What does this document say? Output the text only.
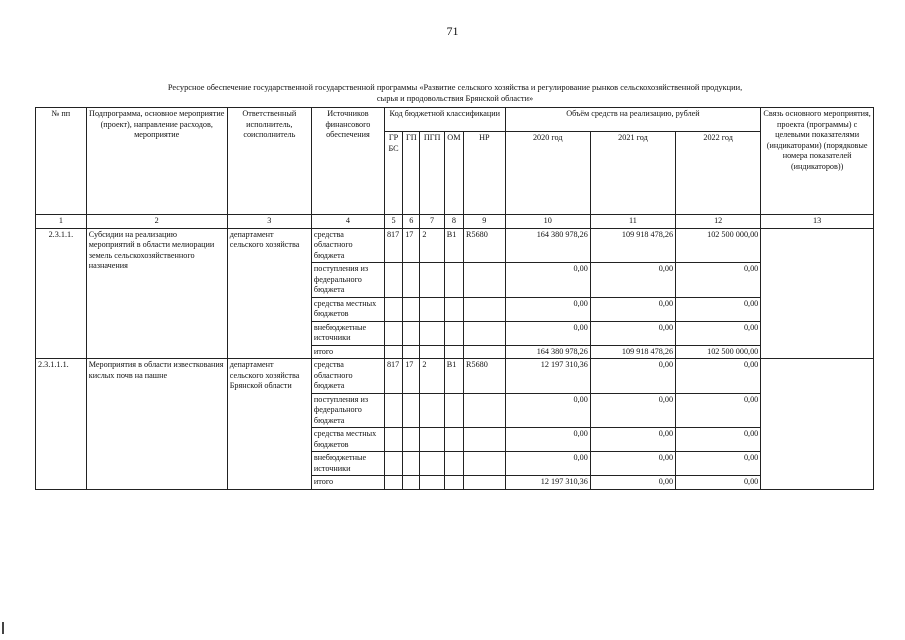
71
Ресурсное обеспечение государственной государственной программы «Развитие сельского хозяйства и регулирование рынков сельскохозяйственной продукции,
сырья и продовольствия Брянской области»
№ пп	Подпрограмма, основное мероприятие (проект), направление расходов, мероприятие	Ответственный исполнитель, соисполнитель	Источников финансового обеспечения	Код бюджетной классификации					Объём средств на реализацию, рублей			Связь основного мероприятия, проекта (программы) с целевыми показателями (индикаторами) (порядковые номера показателей (индикаторов))
				ГРБС	ГП	ПГП	ОМ	НР	2020 год	2021 год	2022 год	
1	2	3	4	5	6	7	8	9	10	11	12	13
2.3.1.1.	Субсидии на реализацию мероприятий в области мелиорации земель сельскохозяйственного назначения	департамент сельского хозяйства	средства областного бюджета	817	17	2	В1	R5680	164 380 978,26	109 918 478,26	102 500 000,00	
			поступления из федерального бюджета						0,00	0,00	0,00	
			средства местных бюджетов						0,00	0,00	0,00	
			внебюджетные источники						0,00	0,00	0,00	
			итого						164 380 978,26	109 918 478,26	102 500 000,00	
2.3.1.1.1.	Мероприятия в области известкования кислых почв на пашне	департамент сельского хозяйства Брянской области	средства областного бюджета	817	17	2	В1	R5680	12 197 310,36	0,00	0,00	
			поступления из федерального бюджета						0,00	0,00	0,00	
			средства местных бюджетов						0,00	0,00	0,00	
			внебюджетные источники						0,00	0,00	0,00	
			итого						12 197 310,36	0,00	0,00	
